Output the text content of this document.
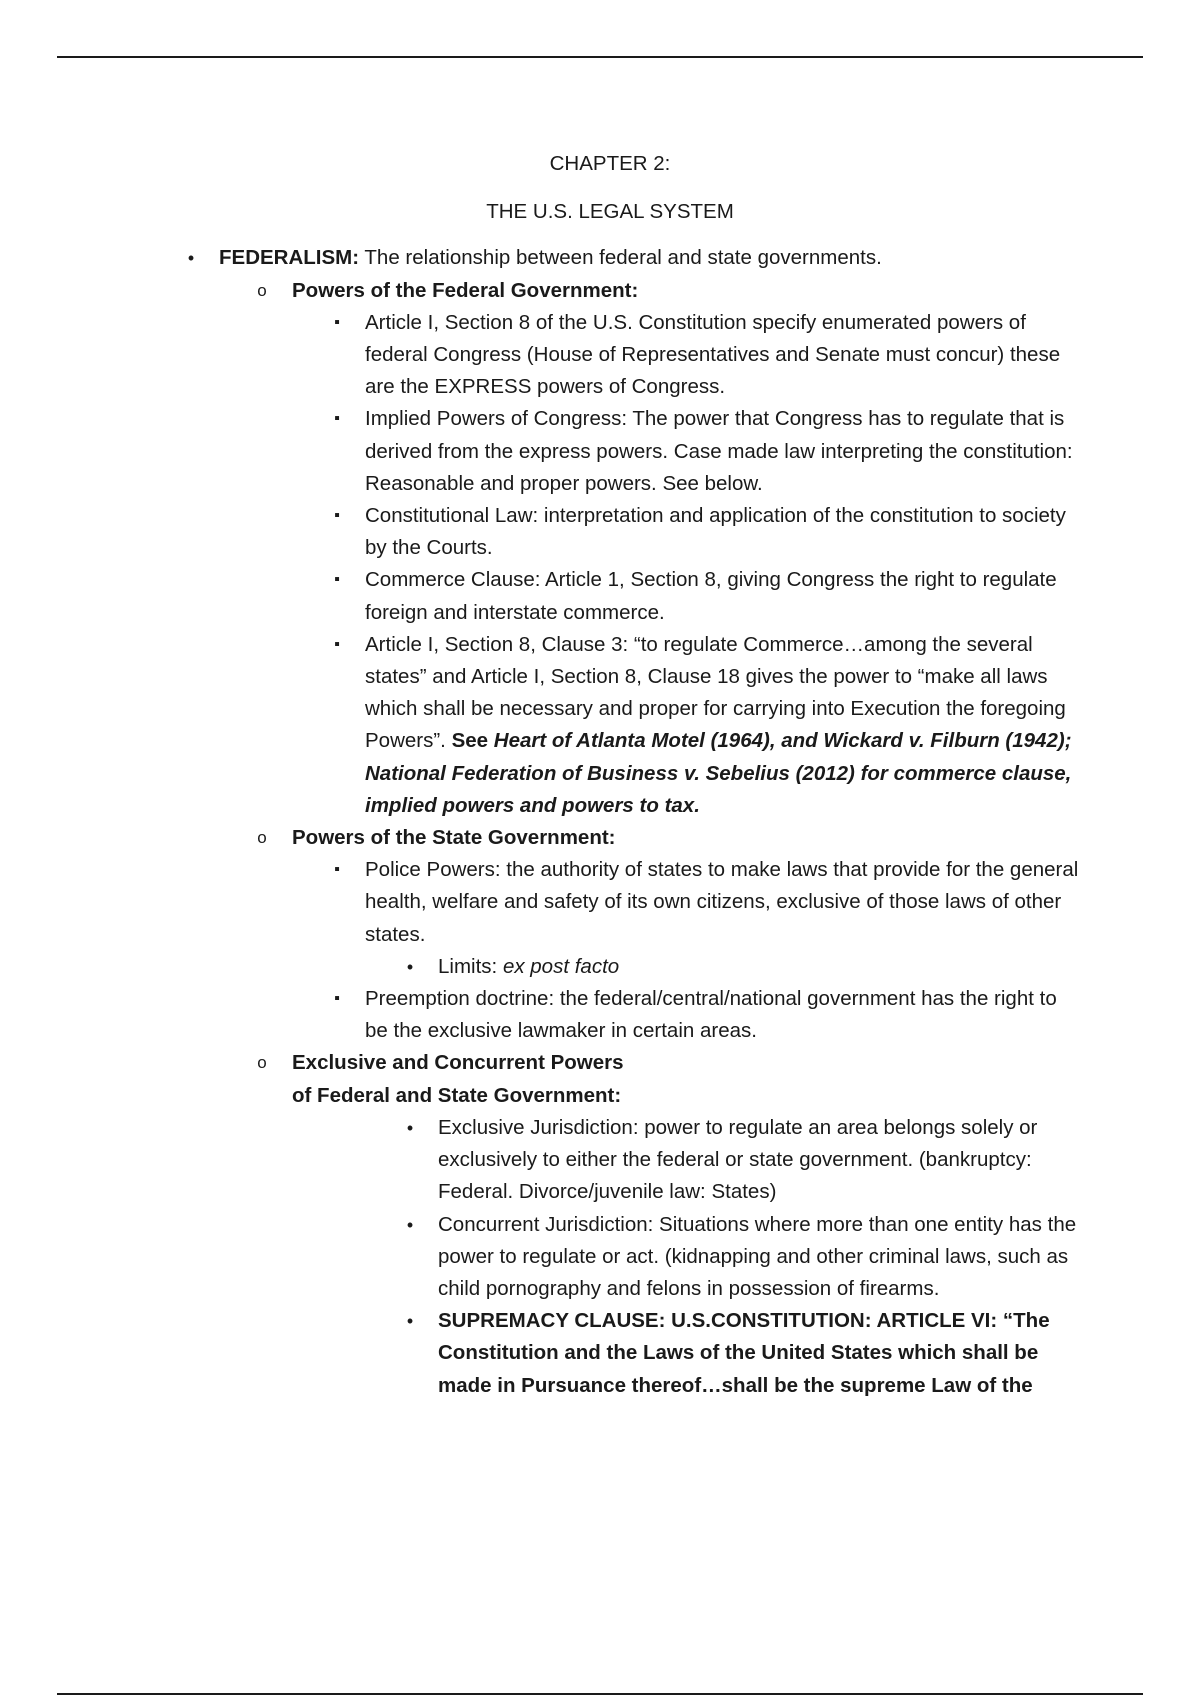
CHAPTER 2:

THE U.S. LEGAL SYSTEM

•	FEDERALISM: The relationship between federal and state governments.
o Powers of the Federal Government:
▪	Article I, Section 8 of the U.S. Constitution specify enumerated powers of federal Congress (House of Representatives and Senate must concur) these are the EXPRESS powers of Congress.
▪	Implied Powers of Congress: The power that Congress has to regulate that is derived from the express powers. Case made law interpreting the constitution: Reasonable and proper powers. See below.
▪	Constitutional Law: interpretation and application of the constitution to society by the Courts.
▪	Commerce Clause: Article 1, Section 8, giving Congress the right to regulate foreign and interstate commerce.
▪	Article I, Section 8, Clause 3: “to regulate Commerce…among the several states” and Article I, Section 8, Clause 18 gives the power to “make all laws which shall be necessary and proper for carrying into Execution the foregoing Powers”. See Heart of Atlanta Motel (1964), and Wickard v. Filburn (1942); National Federation of Business v. Sebelius (2012) for commerce clause, implied powers and powers to tax.
o Powers of the State Government:
▪	Police Powers: the authority of states to make laws that provide for the general health, welfare and safety of its own citizens, exclusive of those laws of other states.
•	Limits: ex post facto
▪	Preemption doctrine: the federal/central/national government has the right to be the exclusive lawmaker in certain areas.
o Exclusive and Concurrent Powers
of Federal and State Government:
•	Exclusive Jurisdiction: power to regulate an area belongs solely or exclusively to either the federal or state government. (bankruptcy: Federal. Divorce/juvenile law: States)
•	Concurrent Jurisdiction: Situations where more than one entity has the power to regulate or act. (kidnapping and other criminal laws, such as child pornography and felons in possession of firearms.
•	SUPREMACY CLAUSE: U.S.CONSTITUTION: ARTICLE VI: “The Constitution and the Laws of the United States which shall be made in Pursuance thereof…shall be the supreme Law of the
